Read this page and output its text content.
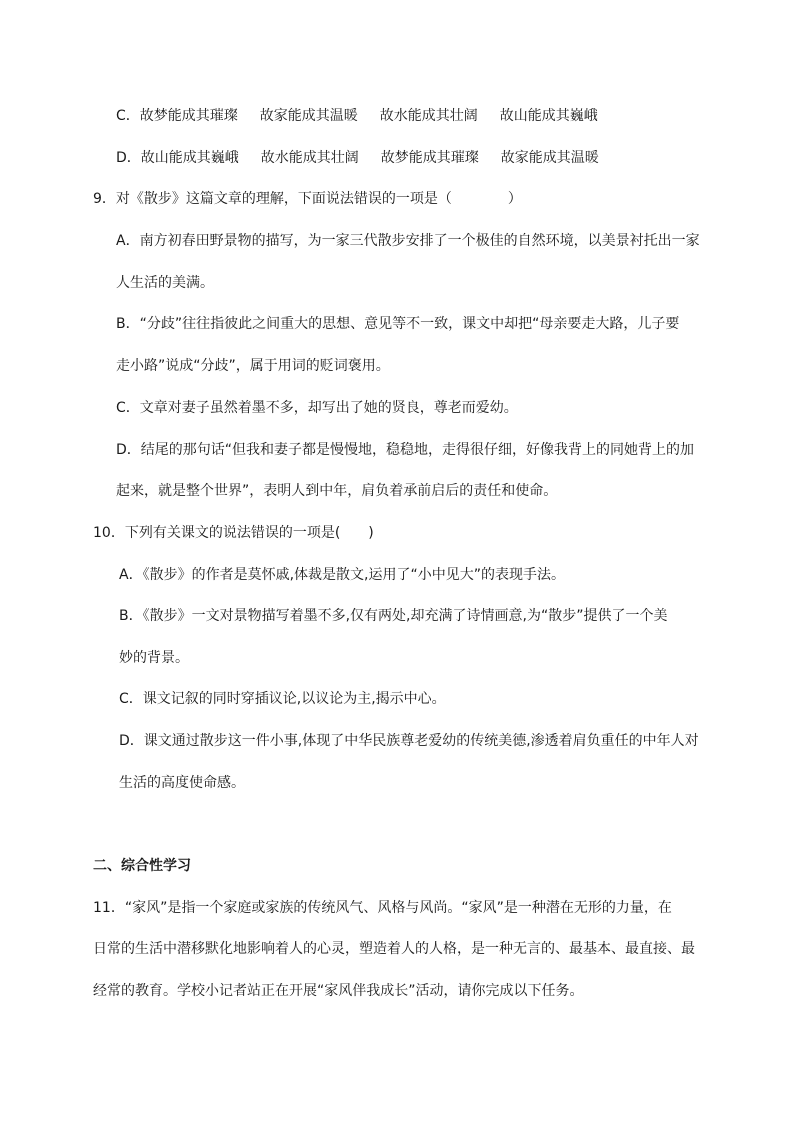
C．故梦能成其璀璨 故家能成其温暖 故水能成其壮阔 故山能成其巍峨
D．故山能成其巍峨 故水能成其壮阔 故梦能成其璀璨 故家能成其温暖
9．对《散步》这篇文章的理解，下面说法错误的一项是（　　　　）
A．南方初春田野景物的描写，为一家三代散步安排了一个极佳的自然环境，以美景衬托出一家
人生活的美满。
B．“分歧”往往指彼此之间重大的思想、意见等不一致，课文中却把“母亲要走大路，儿子要
走小路”说成“分歧”，属于用词的贬词褒用。
C．文章对妻子虽然着墨不多，却写出了她的贤良，尊老而爱幼。
D．结尾的那句话“但我和妻子都是慢慢地，稳稳地，走得很仔细，好像我背上的同她背上的加
起来，就是整个世界”，表明人到中年，肩负着承前启后的责任和使命。
10．下列有关课文的说法错误的一项是(　　)
A．《散步》的作者是莫怀戚,体裁是散文,运用了“小中见大”的表现手法。
B．《散步》一文对景物描写着墨不多,仅有两处,却充满了诗情画意,为“散步”提供了一个美
妙的背景。
C．课文记叙的同时穿插议论,以议论为主,揭示中心。
D．课文通过散步这一件小事,体现了中华民族尊老爱幼的传统美德,渗透着肩负重任的中年人对
生活的高度使命感。
二、综合性学习
11．“家风”是指一个家庭或家族的传统风气、风格与风尚。“家风”是一种潜在无形的力量，在
日常的生活中潜移默化地影响着人的心灵，塑造着人的人格，是一种无言的、最基本、最直接、最
经常的教育。学校小记者站正在开展“家风伴我成长”活动，请你完成以下任务。
